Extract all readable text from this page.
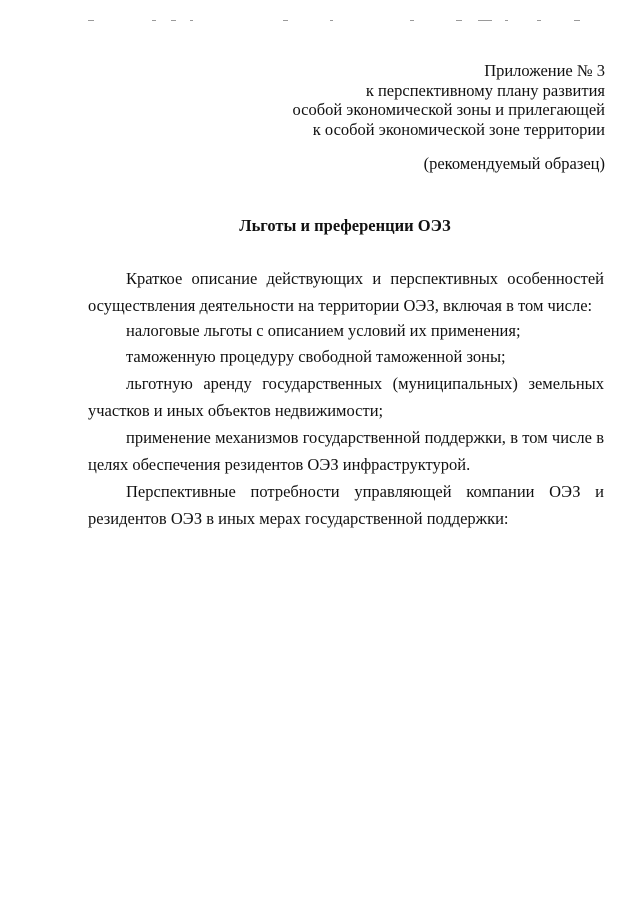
Приложение № 3
к перспективному плану развития
особой экономической зоны и прилегающей
к особой экономической зоне территории
(рекомендуемый образец)
Льготы и преференции ОЭЗ

Краткое описание действующих и перспективных особенностей осуществления деятельности на территории ОЭЗ, включая в том числе:

налоговые льготы с описанием условий их применения;

таможенную процедуру свободной таможенной зоны;

льготную аренду государственных (муниципальных) земельных участков и иных объектов недвижимости;

применение механизмов государственной поддержки, в том числе в целях обеспечения резидентов ОЭЗ инфраструктурой.

Перспективные потребности управляющей компании ОЭЗ и резидентов ОЭЗ в иных мерах государственной поддержки:
